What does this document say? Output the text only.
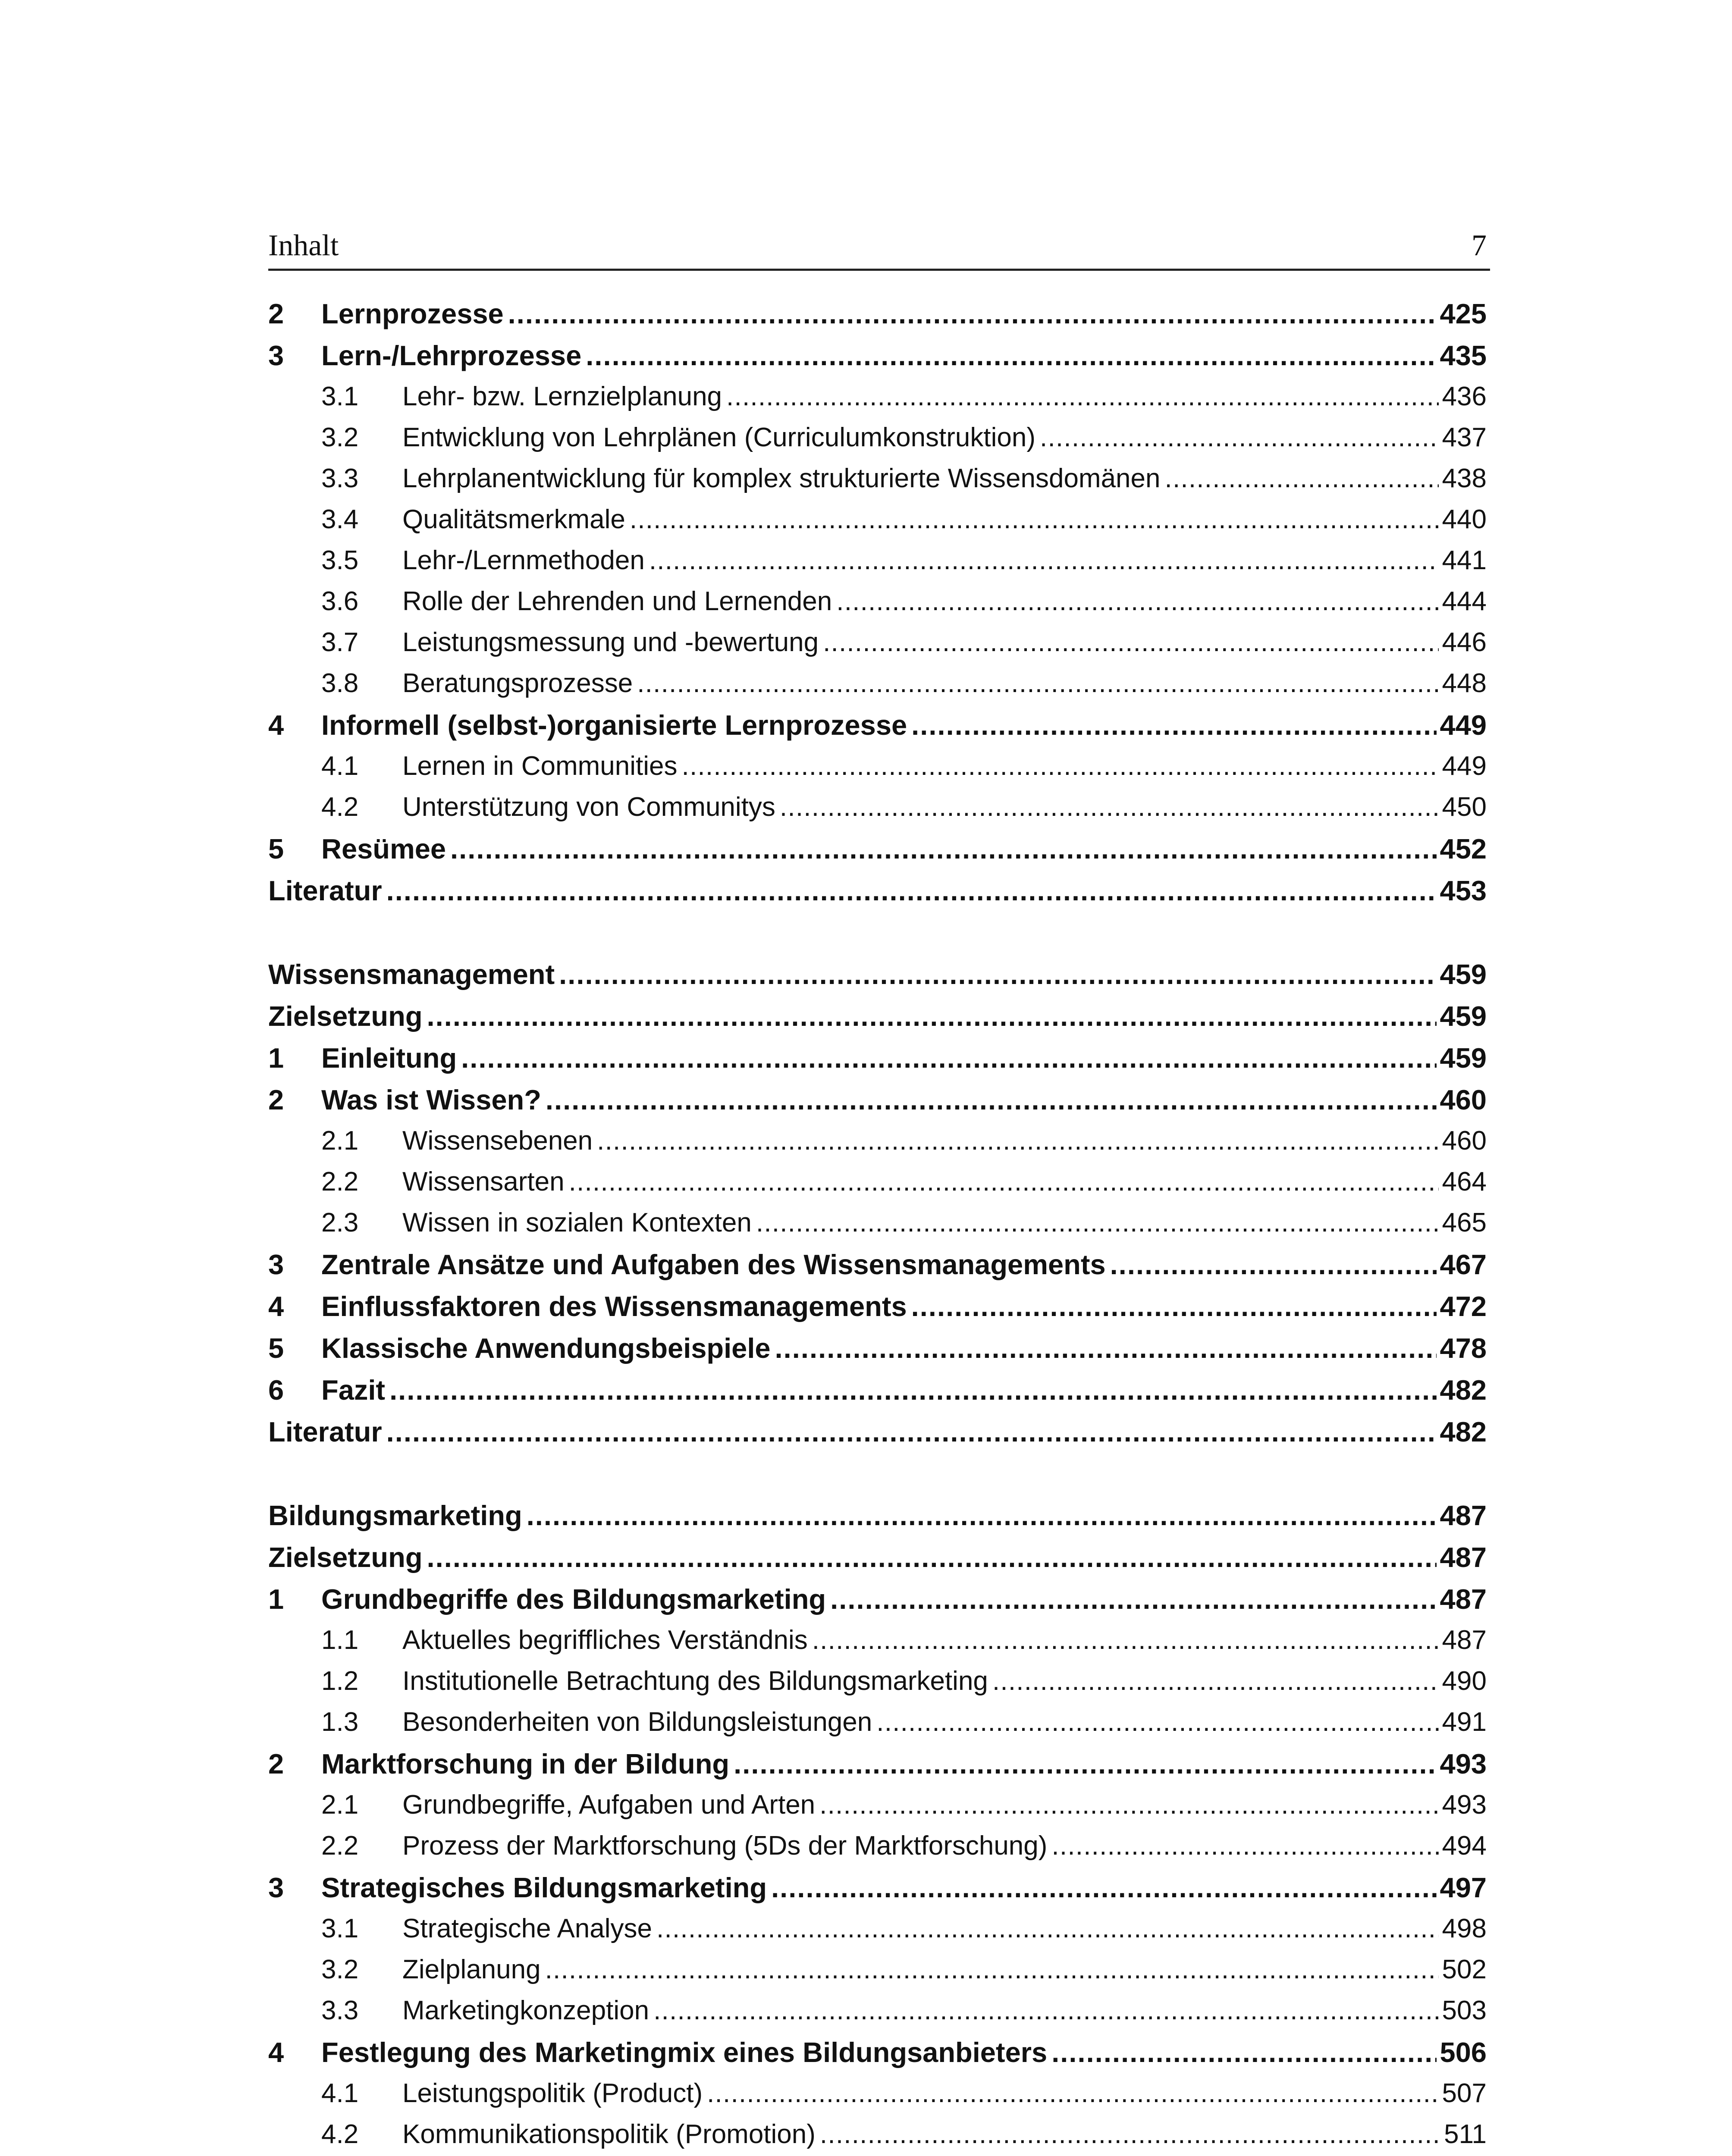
Inhalt	7
2	Lernprozesse . . .	425
3	Lern-/Lehrprozesse . . .	435
3.1	Lehr- bzw. Lernzielplanung . . .	436
3.2	Entwicklung von Lehrplänen (Curriculumkonstruktion) . . .	437
3.3	Lehrplanentwicklung für komplex strukturierte Wissensdomänen . . .	438
3.4	Qualitätsmerkmale . . .	440
3.5	Lehr-/Lernmethoden . . .	441
3.6	Rolle der Lehrenden und Lernenden . . .	444
3.7	Leistungsmessung und -bewertung . . .	446
3.8	Beratungsprozesse . . .	448
4	Informell (selbst-)organisierte Lernprozesse . . .	449
4.1	Lernen in Communities . . .	449
4.2	Unterstützung von Communitys . . .	450
5	Resümee . . .	452
Literatur . . .	453
Wissensmanagement . . .	459
Zielsetzung . . .	459
1	Einleitung . . .	459
2	Was ist Wissen? . . .	460
2.1	Wissensebenen . . .	460
2.2	Wissensarten . . .	464
2.3	Wissen in sozialen Kontexten . . .	465
3	Zentrale Ansätze und Aufgaben des Wissensmanagements . . .	467
4	Einflussfaktoren des Wissensmanagements . . .	472
5	Klassische Anwendungsbeispiele . . .	478
6	Fazit . . .	482
Literatur . . .	482
Bildungsmarketing . . .	487
Zielsetzung . . .	487
1	Grundbegriffe des Bildungsmarketing . . .	487
1.1	Aktuelles begriffliches Verständnis . . .	487
1.2	Institutionelle Betrachtung des Bildungsmarketing . . .	490
1.3	Besonderheiten von Bildungsleistungen . . .	491
2	Marktforschung in der Bildung . . .	493
2.1	Grundbegriffe, Aufgaben und Arten . . .	493
2.2	Prozess der Marktforschung (5Ds der Marktforschung) . . .	494
3	Strategisches Bildungsmarketing . . .	497
3.1	Strategische Analyse . . .	498
3.2	Zielplanung . . .	502
3.3	Marketingkonzeption . . .	503
4	Festlegung des Marketingmix eines Bildungsanbieters . . .	506
4.1	Leistungspolitik (Product) . . .	507
4.2	Kommunikationspolitik (Promotion) . . .	511
